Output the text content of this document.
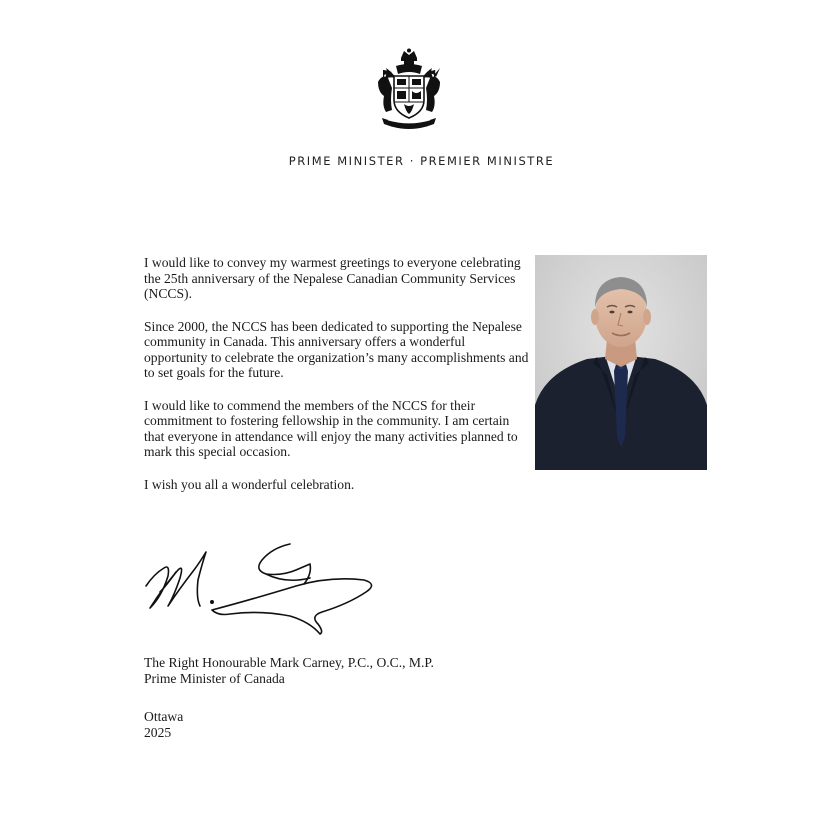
PRIME MINISTER · PREMIER MINISTRE

I would like to convey my warmest greetings to everyone celebrating the 25th anniversary of the Nepalese Canadian Community Services (NCCS).

Since 2000, the NCCS has been dedicated to supporting the Nepalese community in Canada. This anniversary offers a wonderful opportunity to celebrate the organization’s many accomplishments and to set goals for the future.

I would like to commend the members of the NCCS for their commitment to fostering fellowship in the community. I am certain that everyone in attendance will enjoy the many activities planned to mark this special occasion.

I wish you all a wonderful celebration.

The Right Honourable Mark Carney, P.C., O.C., M.P.
Prime Minister of Canada
Ottawa
2025
